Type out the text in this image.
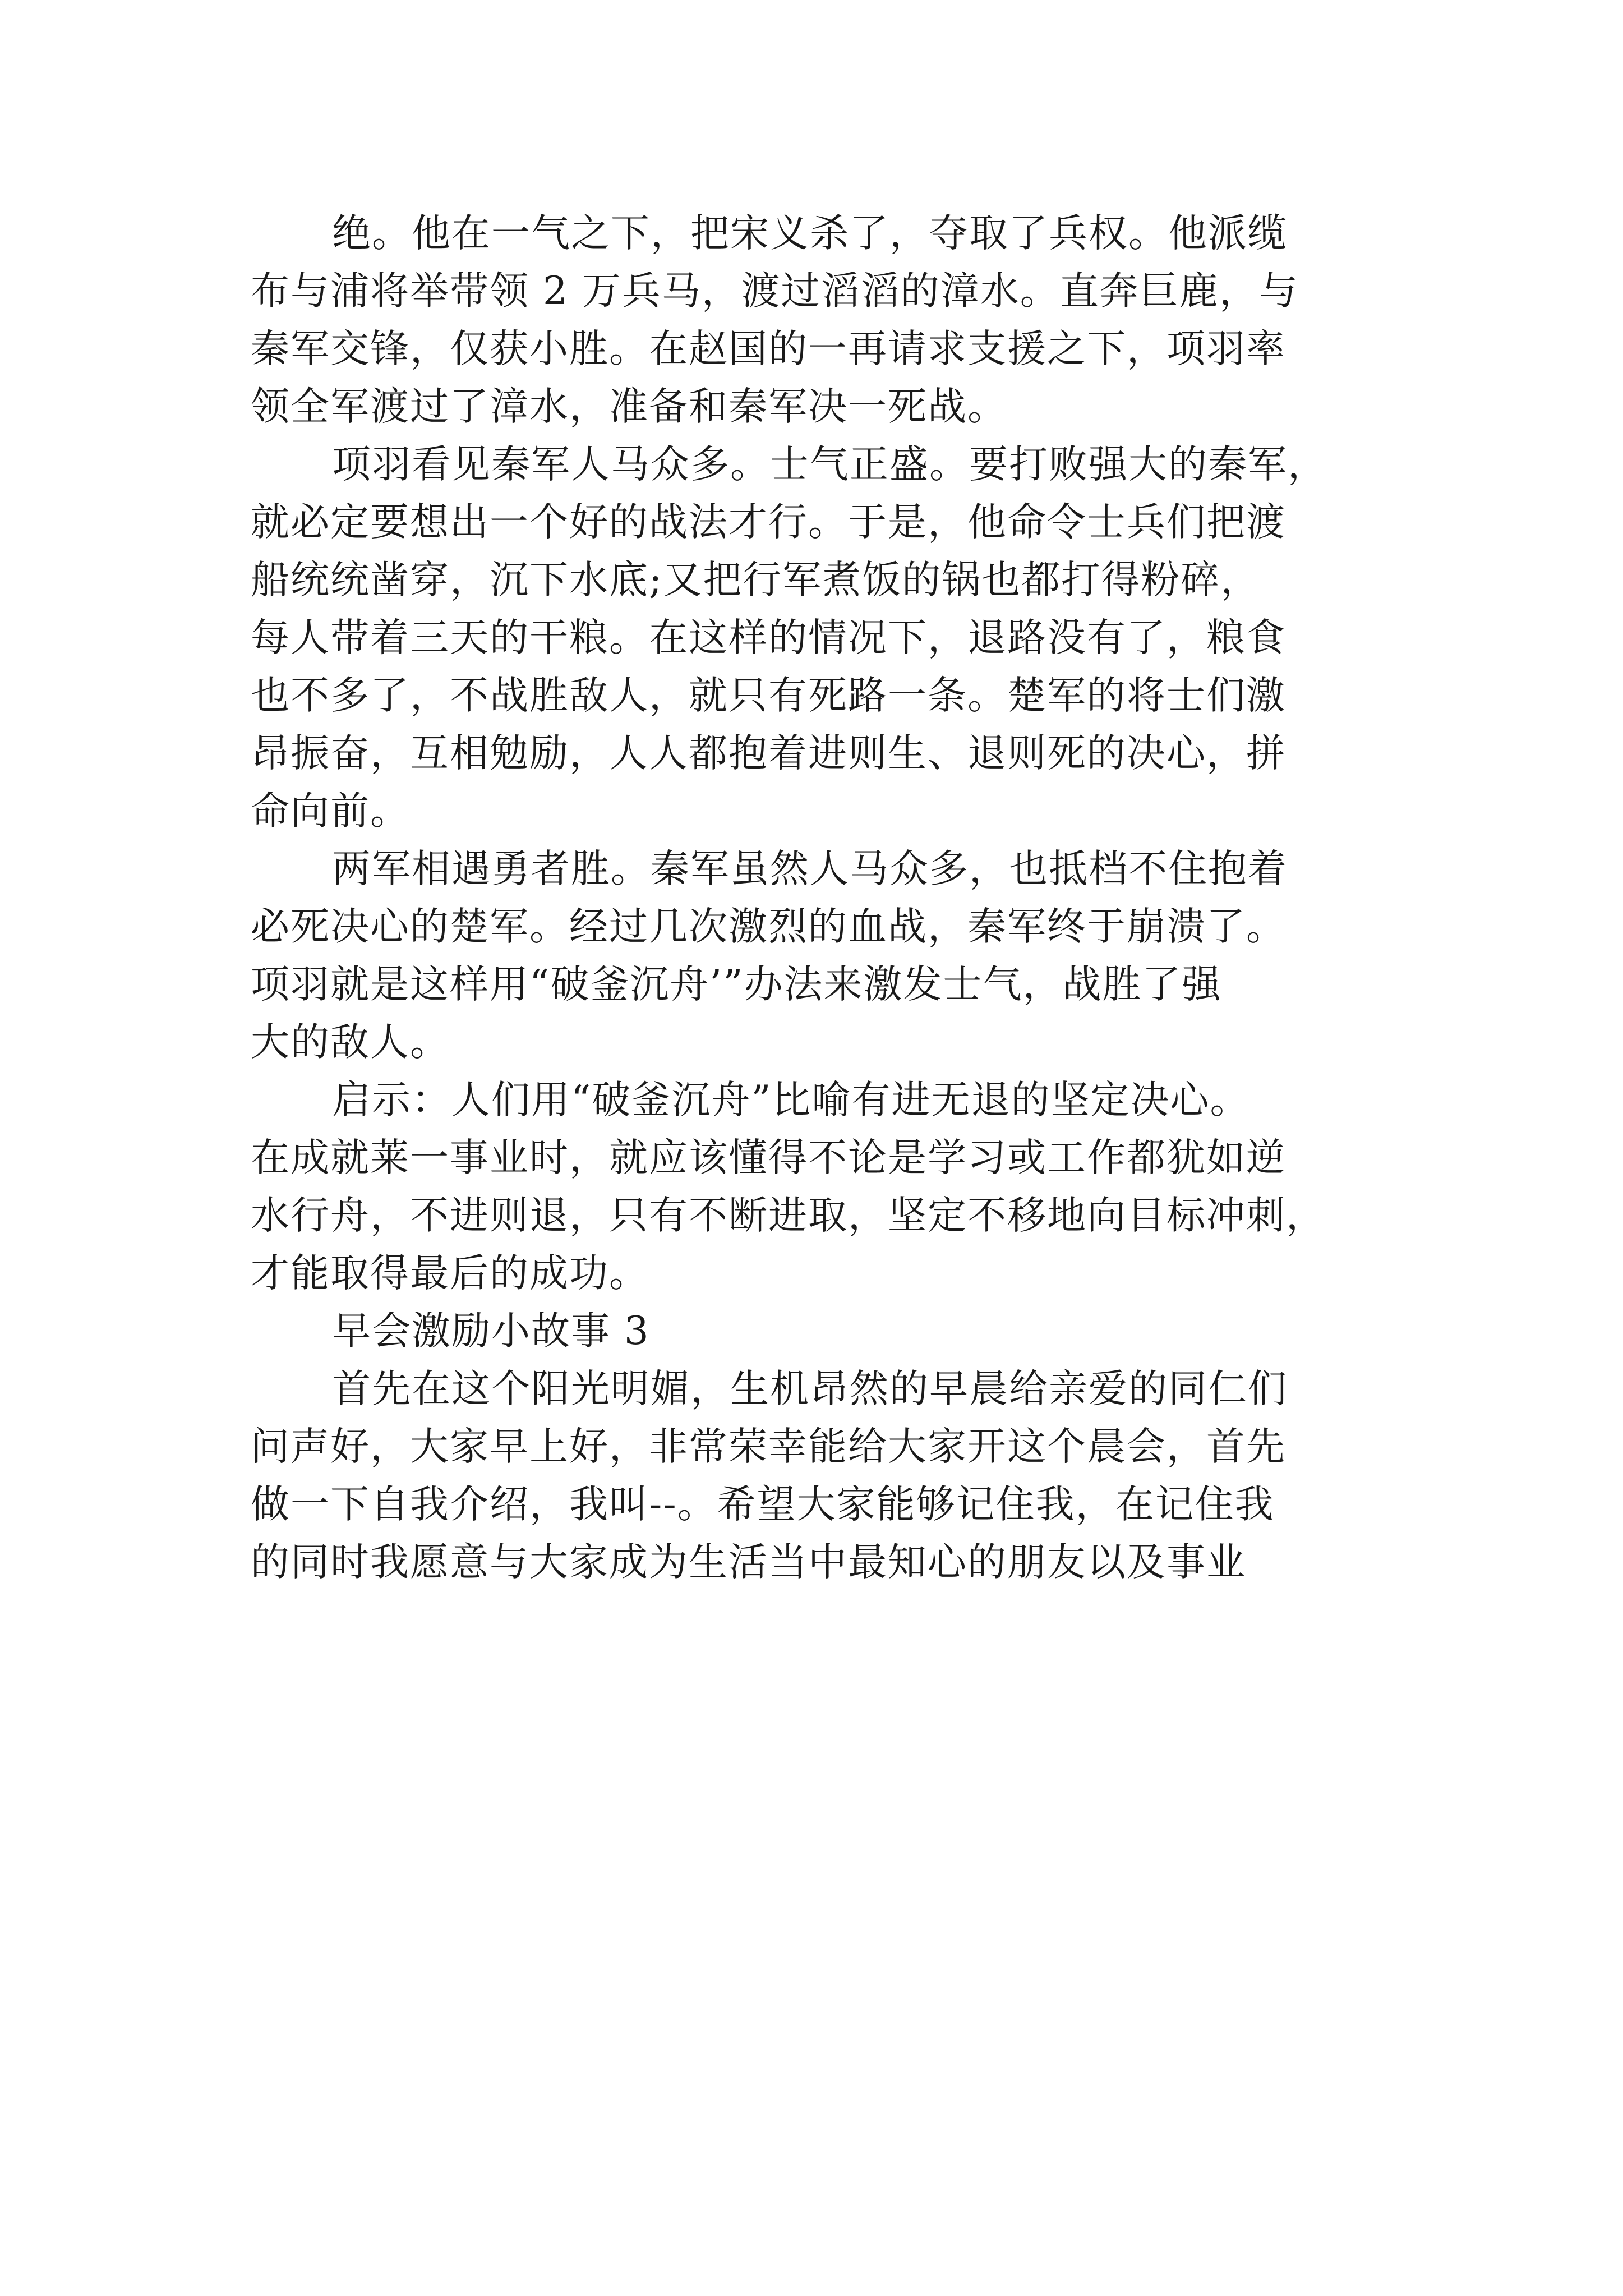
绝。他在一气之下，把宋义杀了，夺取了兵权。他派缆
布与浦将举带领 2 万兵马，渡过滔滔的漳水。直奔巨鹿，与
秦军交锋，仅获小胜。在赵国的一再请求支援之下，项羽率
领全军渡过了漳水，准备和秦军决一死战。
项羽看见秦军人马众多。士气正盛。要打败强大的秦军，
就必定要想出一个好的战法才行。于是，他命令士兵们把渡
船统统凿穿，沉下水底;又把行军煮饭的锅也都打得粉碎，
每人带着三天的干粮。在这样的情况下，退路没有了，粮食
也不多了，不战胜敌人，就只有死路一条。楚军的将士们激
昂振奋，互相勉励，人人都抱着进则生、退则死的决心，拼
命向前。
两军相遇勇者胜。秦军虽然人马众多，也抵档不住抱着
必死决心的楚军。经过几次激烈的血战，秦军终于崩溃了。
项羽就是这样用“破釜沉舟’”办法来激发士气，战胜了强
大的敌人。
启示：人们用“破釜沉舟”比喻有进无退的坚定决心。
在成就莱一事业时，就应该懂得不论是学习或工作都犹如逆
水行舟，不进则退，只有不断进取，坚定不移地向目标冲刺，
才能取得最后的成功。
早会激励小故事 3
首先在这个阳光明媚，生机昂然的早晨给亲爱的同仁们
问声好，大家早上好，非常荣幸能给大家开这个晨会，首先
做一下自我介绍，我叫--。希望大家能够记住我，在记住我
的同时我愿意与大家成为生活当中最知心的朋友以及事业
